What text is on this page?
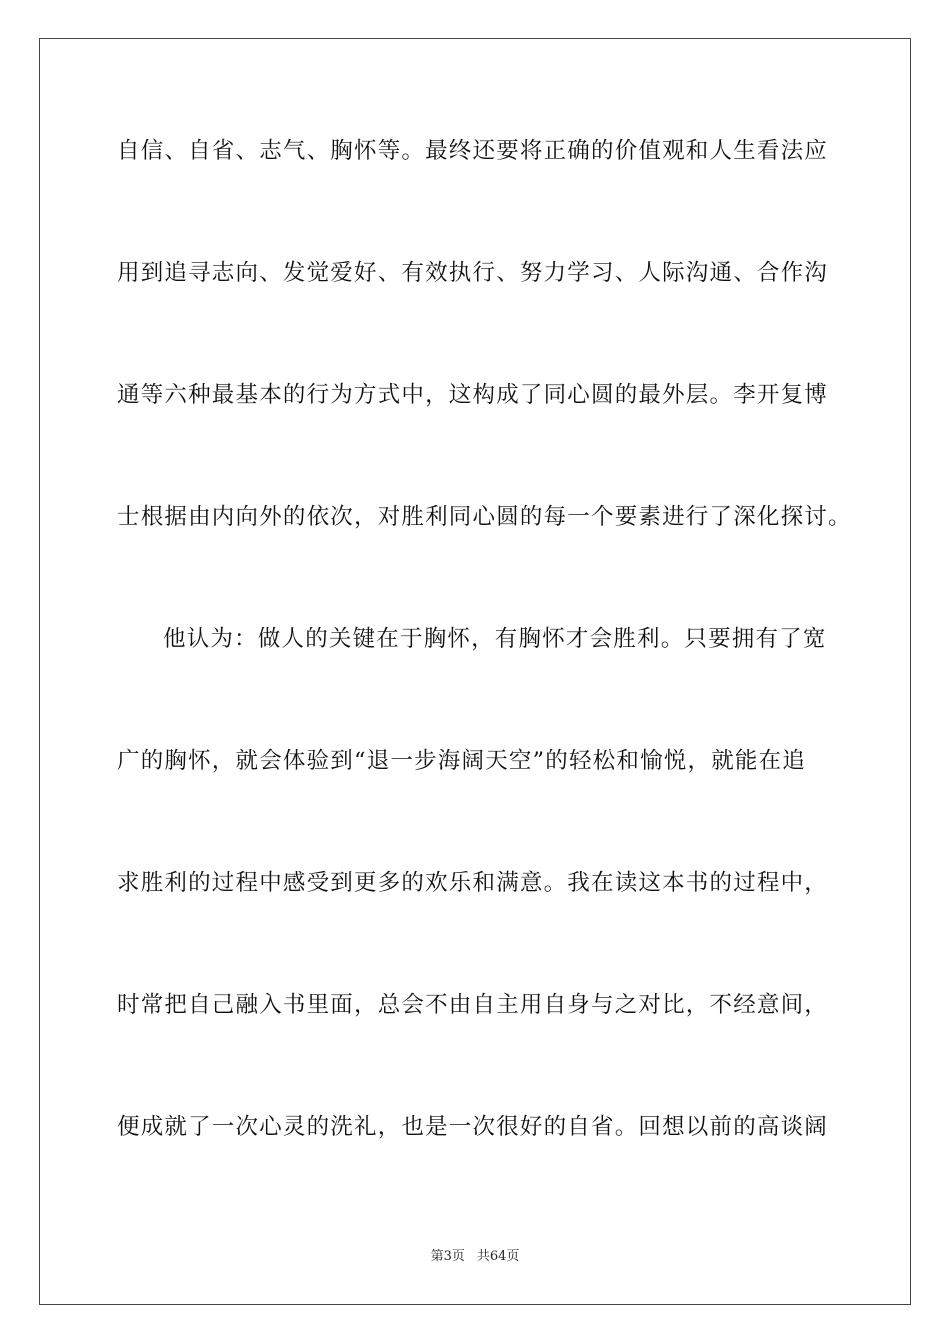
自信、自省、志气、胸怀等。最终还要将正确的价值观和人生看法应
用到追寻志向、发觉爱好、有效执行、努力学习、人际沟通、合作沟
通等六种最基本的行为方式中，这构成了同心圆的最外层。李开复博
士根据由内向外的依次，对胜利同心圆的每一个要素进行了深化探讨。
他认为：做人的关键在于胸怀，有胸怀才会胜利。只要拥有了宽
广的胸怀，就会体验到“退一步海阔天空”的轻松和愉悦，就能在追
求胜利的过程中感受到更多的欢乐和满意。我在读这本书的过程中，
时常把自己融入书里面，总会不由自主用自身与之对比，不经意间，
便成就了一次心灵的洗礼，也是一次很好的自省。回想以前的高谈阔
第3页 共64页
